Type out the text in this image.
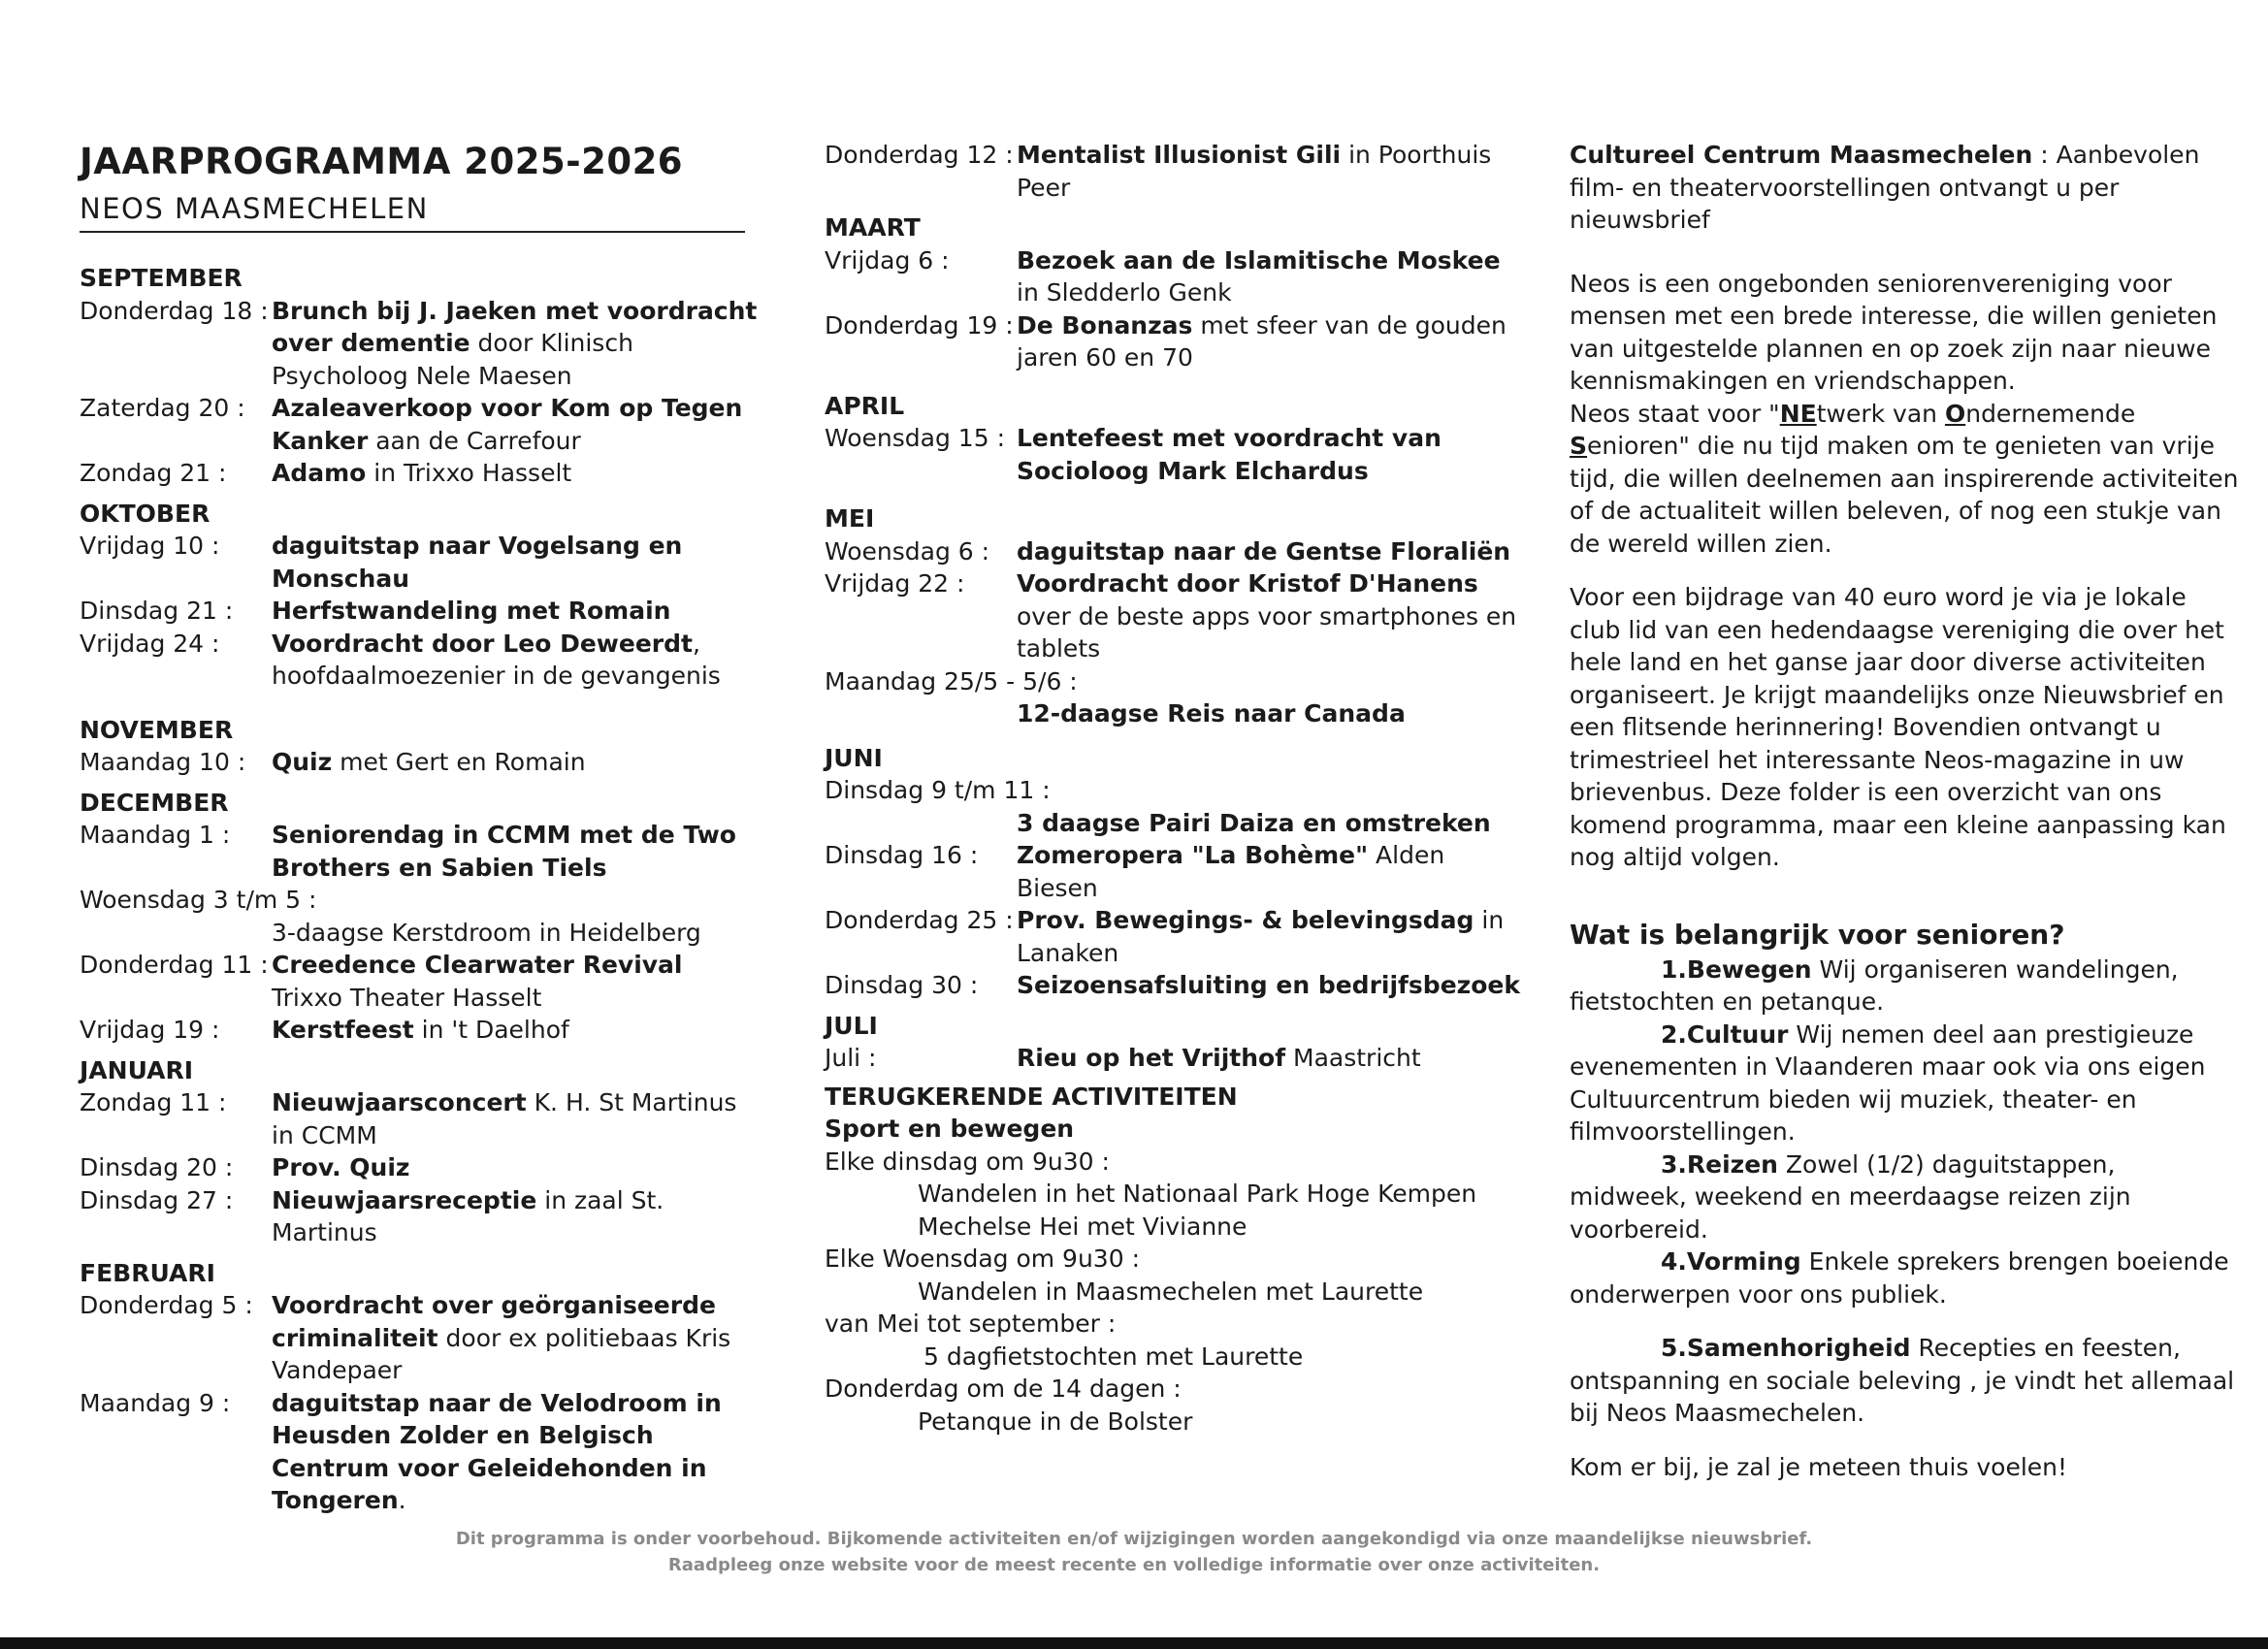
JAARPROGRAMMA 2025-2026
NEOS MAASMECHELEN
SEPTEMBER
Donderdag 18 : Brunch bij J. Jaeken met voordracht over dementie door Klinisch Psycholoog Nele Maesen
Zaterdag 20 :	Azaleaverkoop voor Kom op Tegen Kanker aan de Carrefour
Zondag 21 :	Adamo in Trixxo Hasselt
OKTOBER
Vrijdag 10 :	daguitstap naar Vogelsang en Monschau
Dinsdag 21 :	Herfstwandeling met Romain
Vrijdag 24 :	Voordracht door Leo Deweerdt, hoofdaalmoezenier in de gevangenis
NOVEMBER
Maandag 10 :	Quiz met Gert en Romain
DECEMBER
Maandag 1 :	Seniorendag in CCMM met de Two Brothers en Sabien Tiels
Woensdag 3 t/m 5 :
3-daagse Kerstdroom in Heidelberg
Donderdag 11 : Creedence Clearwater Revival Trixxo Theater Hasselt
Vrijdag 19 :	Kerstfeest in 't Daelhof
JANUARI
Zondag 11 :	Nieuwjaarsconcert K. H. St Martinus in CCMM
Dinsdag 20 :	Prov. Quiz
Dinsdag 27 :	Nieuwjaarsreceptie in zaal St. Martinus
FEBRUARI
Donderdag 5 : Voordracht over geörganiseerde criminaliteit door ex politiebaas Kris Vandepaer
Maandag 9 :	daguitstap naar de Velodroom in Heusden Zolder en Belgisch Centrum voor Geleidehonden in Tongeren.
Donderdag 12 : Mentalist Illusionist Gili in Poorthuis Peer
MAART
Vrijdag 6 :	Bezoek aan de Islamitische Moskee in Sledderlo Genk
Donderdag 19 : De Bonanzas met sfeer van de gouden jaren 60 en 70
APRIL
Woensdag 15 : Lentefeest met voordracht van Socioloog Mark Elchardus
MEI
Woensdag 6 :	daguitstap naar de Gentse Floraliën
Vrijdag 22 :	Voordracht door Kristof D'Hanens over de beste apps voor smartphones en tablets
Maandag 25/5 - 5/6 :
12-daagse Reis naar Canada
JUNI
Dinsdag 9 t/m 11 :
3 daagse Pairi Daiza en omstreken
Dinsdag 16 :	Zomeropera "La Bohème" Alden Biesen
Donderdag 25 : Prov. Bewegings- & belevingsdag in Lanaken
Dinsdag 30 :	Seizoensafsluiting en bedrijfsbezoek
JULI
Juli :	Rieu op het Vrijthof Maastricht
TERUGKERENDE ACTIVITEITEN
Sport en bewegen
Elke dinsdag om 9u30 :
Wandelen in het Nationaal Park Hoge Kempen
Mechelse Hei met Vivianne
Elke Woensdag om 9u30 :
Wandelen in Maasmechelen met Laurette
van Mei tot september :
5 dagfietstochten met Laurette
Donderdag om de 14 dagen :
Petanque in de Bolster
Cultureel Centrum Maasmechelen : Aanbevolen film- en theatervoorstellingen ontvangt u per nieuwsbrief
Neos is een ongebonden seniorenvereniging voor mensen met een brede interesse, die willen genieten van uitgestelde plannen en op zoek zijn naar nieuwe kennismakingen en vriendschappen.
Neos staat voor "NEtwerk van Ondernemende Senioren" die nu tijd maken om te genieten van vrije tijd, die willen deelnemen aan inspirerende activiteiten of de actualiteit willen beleven, of nog een stukje van de wereld willen zien.
Voor een bijdrage van 40 euro word je via je lokale club lid van een hedendaagse vereniging die over het hele land en het ganse jaar door diverse activiteiten organiseert. Je krijgt maandelijks onze Nieuwsbrief en een flitsende herinnering! Bovendien ontvangt u trimestrieel het interessante Neos-magazine in uw brievenbus. Deze folder is een overzicht van ons komend programma, maar een kleine aanpassing kan nog altijd volgen.
Wat is belangrijk voor senioren?
1.Bewegen Wij organiseren wandelingen, fietstochten en petanque.
2.Cultuur Wij nemen deel aan prestigieuze evenementen in Vlaanderen maar ook via ons eigen Cultuurcentrum bieden wij muziek, theater- en filmvoorstellingen.
3.Reizen Zowel (1/2) daguitstappen, midweek, weekend en meerdaagse reizen zijn voorbereid.
4.Vorming Enkele sprekers brengen boeiende onderwerpen voor ons publiek.
5.Samenhorigheid Recepties en feesten, ontspanning en sociale beleving , je vindt het allemaal bij Neos Maasmechelen.
Kom er bij, je zal je meteen thuis voelen!
Dit programma is onder voorbehoud. Bijkomende activiteiten en/of wijzigingen worden aangekondigd via onze maandelijkse nieuwsbrief.
Raadpleeg onze website voor de meest recente en volledige informatie over onze activiteiten.
